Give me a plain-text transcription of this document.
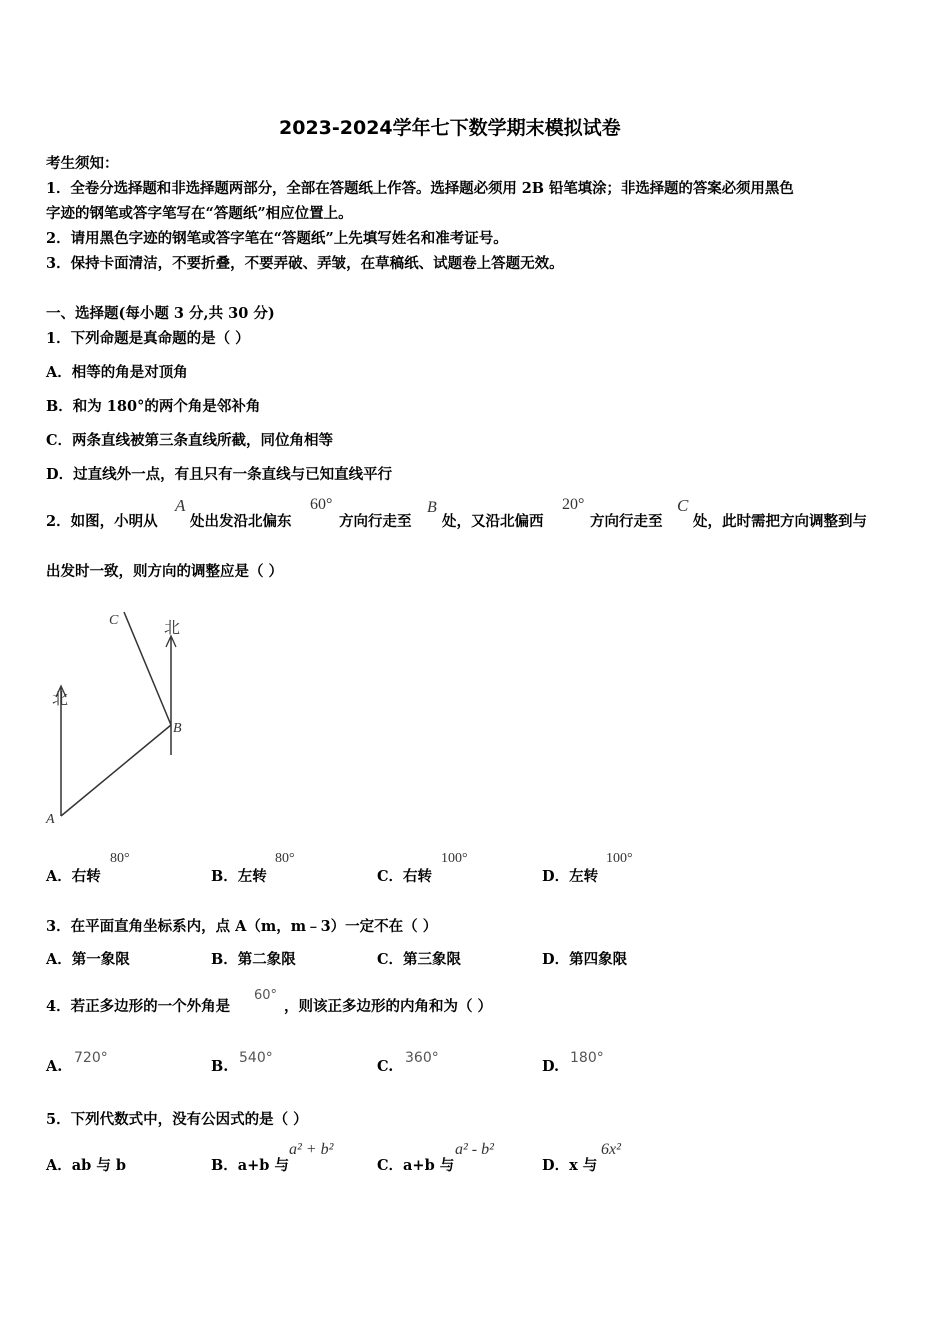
2023-2024学年七下数学期末模拟试卷
考生须知：
1．全卷分选择题和非选择题两部分，全部在答题纸上作答。选择题必须用 2B 铅笔填涂；非选择题的答案必须用黑色
字迹的钢笔或答字笔写在“答题纸”相应位置上。
2．请用黑色字迹的钢笔或答字笔在“答题纸”上先填写姓名和准考证号。
3．保持卡面清洁，不要折叠，不要弄破、弄皱，在草稿纸、试题卷上答题无效。
一、选择题(每小题 3 分,共 30 分)
1．下列命题是真命题的是（ ）
A．相等的角是对顶角
B．和为 180°的两个角是邻补角
C．两条直线被第三条直线所截，同位角相等
D．过直线外一点，有且只有一条直线与已知直线平行
2．如图，小明从
A
处出发沿北偏东
60°
方向行走至
B
处，又沿北偏西
20°
方向行走至
C
处，此时需把方向调整到与
出发时一致，则方向的调整应是（ ）
北
北
A
B
C
A．右转
80°
B．左转
80°
C．右转
100°
D．左转
100°
3．在平面直角坐标系内，点 A（m，m﹣3）一定不在（ ）
A．第一象限	B．第二象限	C．第三象限	D．第四象限
4．若正多边形的一个外角是
60°
，则该正多边形的内角和为（ ）
A. 720°	B. 540°	C. 360°	D. 180°
5．下列代数式中，没有公因式的是（ ）
A．ab 与 b	B．a+b 与
a² + b²
C．a+b 与
a² - b²
D．x 与
6x²
